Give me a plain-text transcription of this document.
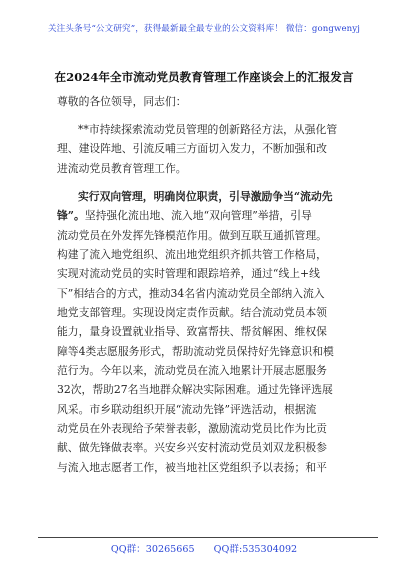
关注头条号“公文研究”，获得最新最全最专业的公文资料库！ 微信：gongwenyj
在2024年全市流动党员教育管理工作座谈会上的汇报发言
尊敬的各位领导，同志们：
**市持续探索流动党员管理的创新路径方法，从强化管
理、建设阵地、引流反哺三方面切入发力，不断加强和改
进流动党员教育管理工作。
实行双向管理，明确岗位职责，引导激励争当“流动先
锋”。坚持强化流出地、流入地“双向管理”举措，引导
流动党员在外发挥先锋模范作用。做到互联互通抓管理。
构建了流入地党组织、流出地党组织齐抓共管工作格局，
实现对流动党员的实时管理和跟踪培养，通过“线上+线
下”相结合的方式，推动34名省内流动党员全部纳入流入
地党支部管理。实现设岗定责作贡献。结合流动党员本领
能力，量身设置就业指导、致富帮扶、帮贫解困、维权保
障等4类志愿服务形式，帮助流动党员保持好先锋意识和模
范行为。今年以来，流动党员在流入地累计开展志愿服务
32次，帮助27名当地群众解决实际困难。通过先锋评选展
风采。市乡联动组织开展“流动先锋”评选活动，根据流
动党员在外表现给予荣誉表彰，激励流动党员比作为比贡
献、做先锋做表率。兴安乡兴安村流动党员刘双龙积极参
与流入地志愿者工作，被当地社区党组织予以表扬；和平
QQ群：30265665 QQ群:535304092
